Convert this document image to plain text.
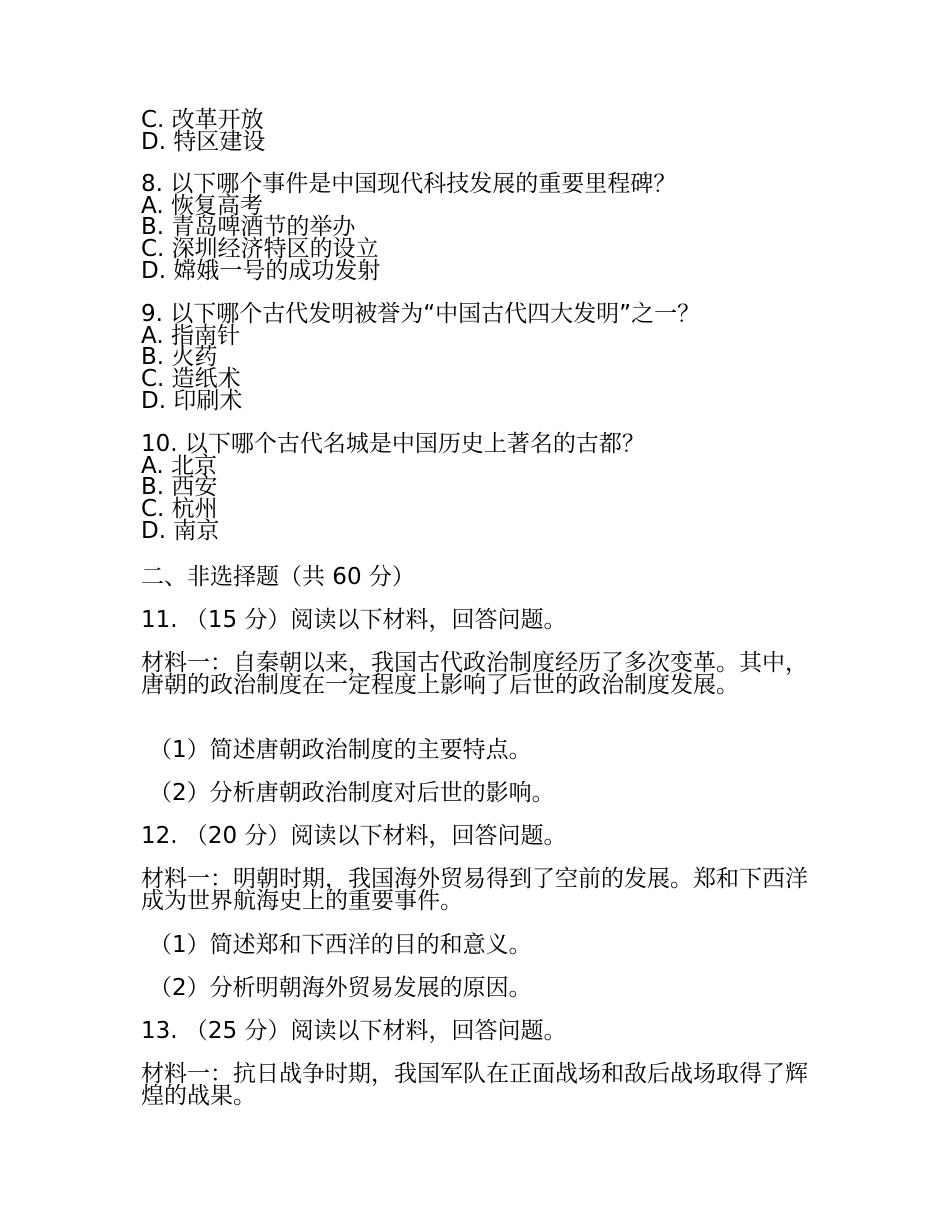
C. 改革开放
D. 特区建设
8. 以下哪个事件是中国现代科技发展的重要里程碑？
A. 恢复高考
B. 青岛啤酒节的举办
C. 深圳经济特区的设立
D. 嫦娥一号的成功发射
9. 以下哪个古代发明被誉为“中国古代四大发明”之一？
A. 指南针
B. 火药
C. 造纸术
D. 印刷术
10. 以下哪个古代名城是中国历史上著名的古都？
A. 北京
B. 西安
C. 杭州
D. 南京
二、非选择题（共 60 分）
11. （15 分）阅读以下材料，回答问题。
材料一：自秦朝以来，我国古代政治制度经历了多次变革。其中，唐朝的政治制度在一定程度上影响了后世的政治制度发展。
（1）简述唐朝政治制度的主要特点。
（2）分析唐朝政治制度对后世的影响。
12. （20 分）阅读以下材料，回答问题。
材料一：明朝时期，我国海外贸易得到了空前的发展。郑和下西洋成为世界航海史上的重要事件。
（1）简述郑和下西洋的目的和意义。
（2）分析明朝海外贸易发展的原因。
13. （25 分）阅读以下材料，回答问题。
材料一：抗日战争时期，我国军队在正面战场和敌后战场取得了辉煌的战果。
